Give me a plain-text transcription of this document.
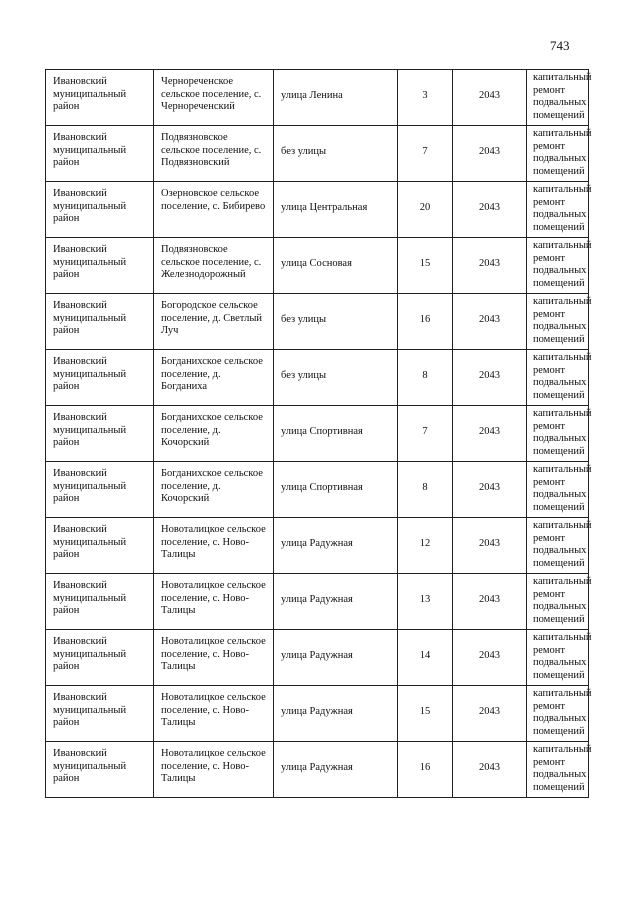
743
Ивановский муниципальный район	Чернореченское сельское поселение, с. Чернореченский	улица Ленина	3	2043	капитальный ремонт подвальных помещений

Ивановский муниципальный район	Подвязновское сельское поселение, с. Подвязновский	без улицы	7	2043	капитальный ремонт подвальных помещений

Ивановский муниципальный район	Озерновское сельское поселение, с. Бибирево	улица Центральная	20	2043	капитальный ремонт подвальных помещений

Ивановский муниципальный район	Подвязновское сельское поселение, с. Железнодорожный	улица Сосновая	15	2043	капитальный ремонт подвальных помещений

Ивановский муниципальный район	Богородское сельское поселение, д. Светлый Луч	без улицы	16	2043	капитальный ремонт подвальных помещений

Ивановский муниципальный район	Богданихское сельское поселение, д. Богданиха	без улицы	8	2043	капитальный ремонт подвальных помещений

Ивановский муниципальный район	Богданихское сельское поселение, д. Кочорский	улица Спортивная	7	2043	капитальный ремонт подвальных помещений

Ивановский муниципальный район	Богданихское сельское поселение, д. Кочорский	улица Спортивная	8	2043	капитальный ремонт подвальных помещений

Ивановский муниципальный район	Новоталицкое сельское поселение, с. Ново-Талицы	улица Радужная	12	2043	капитальный ремонт подвальных помещений

Ивановский муниципальный район	Новоталицкое сельское поселение, с. Ново-Талицы	улица Радужная	13	2043	капитальный ремонт подвальных помещений

Ивановский муниципальный район	Новоталицкое сельское поселение, с. Ново-Талицы	улица Радужная	14	2043	капитальный ремонт подвальных помещений

Ивановский муниципальный район	Новоталицкое сельское поселение, с. Ново-Талицы	улица Радужная	15	2043	капитальный ремонт подвальных помещений

Ивановский муниципальный район	Новоталицкое сельское поселение, с. Ново-Талицы	улица Радужная	16	2043	капитальный ремонт подвальных помещений
